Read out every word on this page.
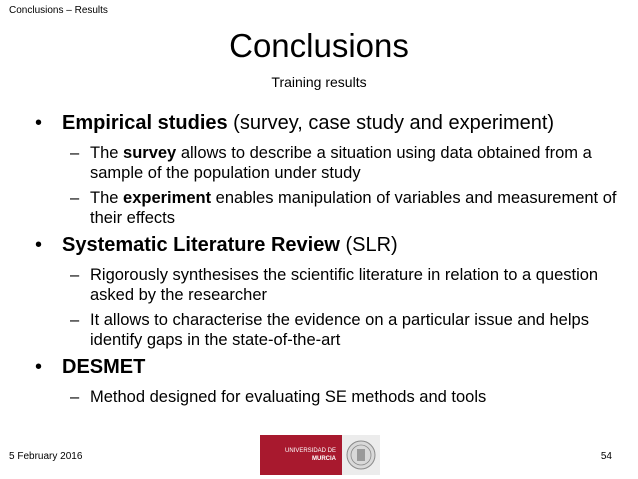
Conclusions – Results
Conclusions
Training results
• Empirical studies (survey, case study and experiment)
– The survey allows to describe a situation using data obtained from a sample of the population under study
– The experiment enables manipulation of variables and measurement of their effects
• Systematic Literature Review (SLR)
– Rigorously synthesises the scientific literature in relation to a question asked by the researcher
– It allows to characterise the evidence on a particular issue and helps identify gaps in the state-of-the-art
• DESMET
– Method designed for evaluating SE methods and tools
5 February 2016	UNIVERSIDAD DE
MURCIA	54
